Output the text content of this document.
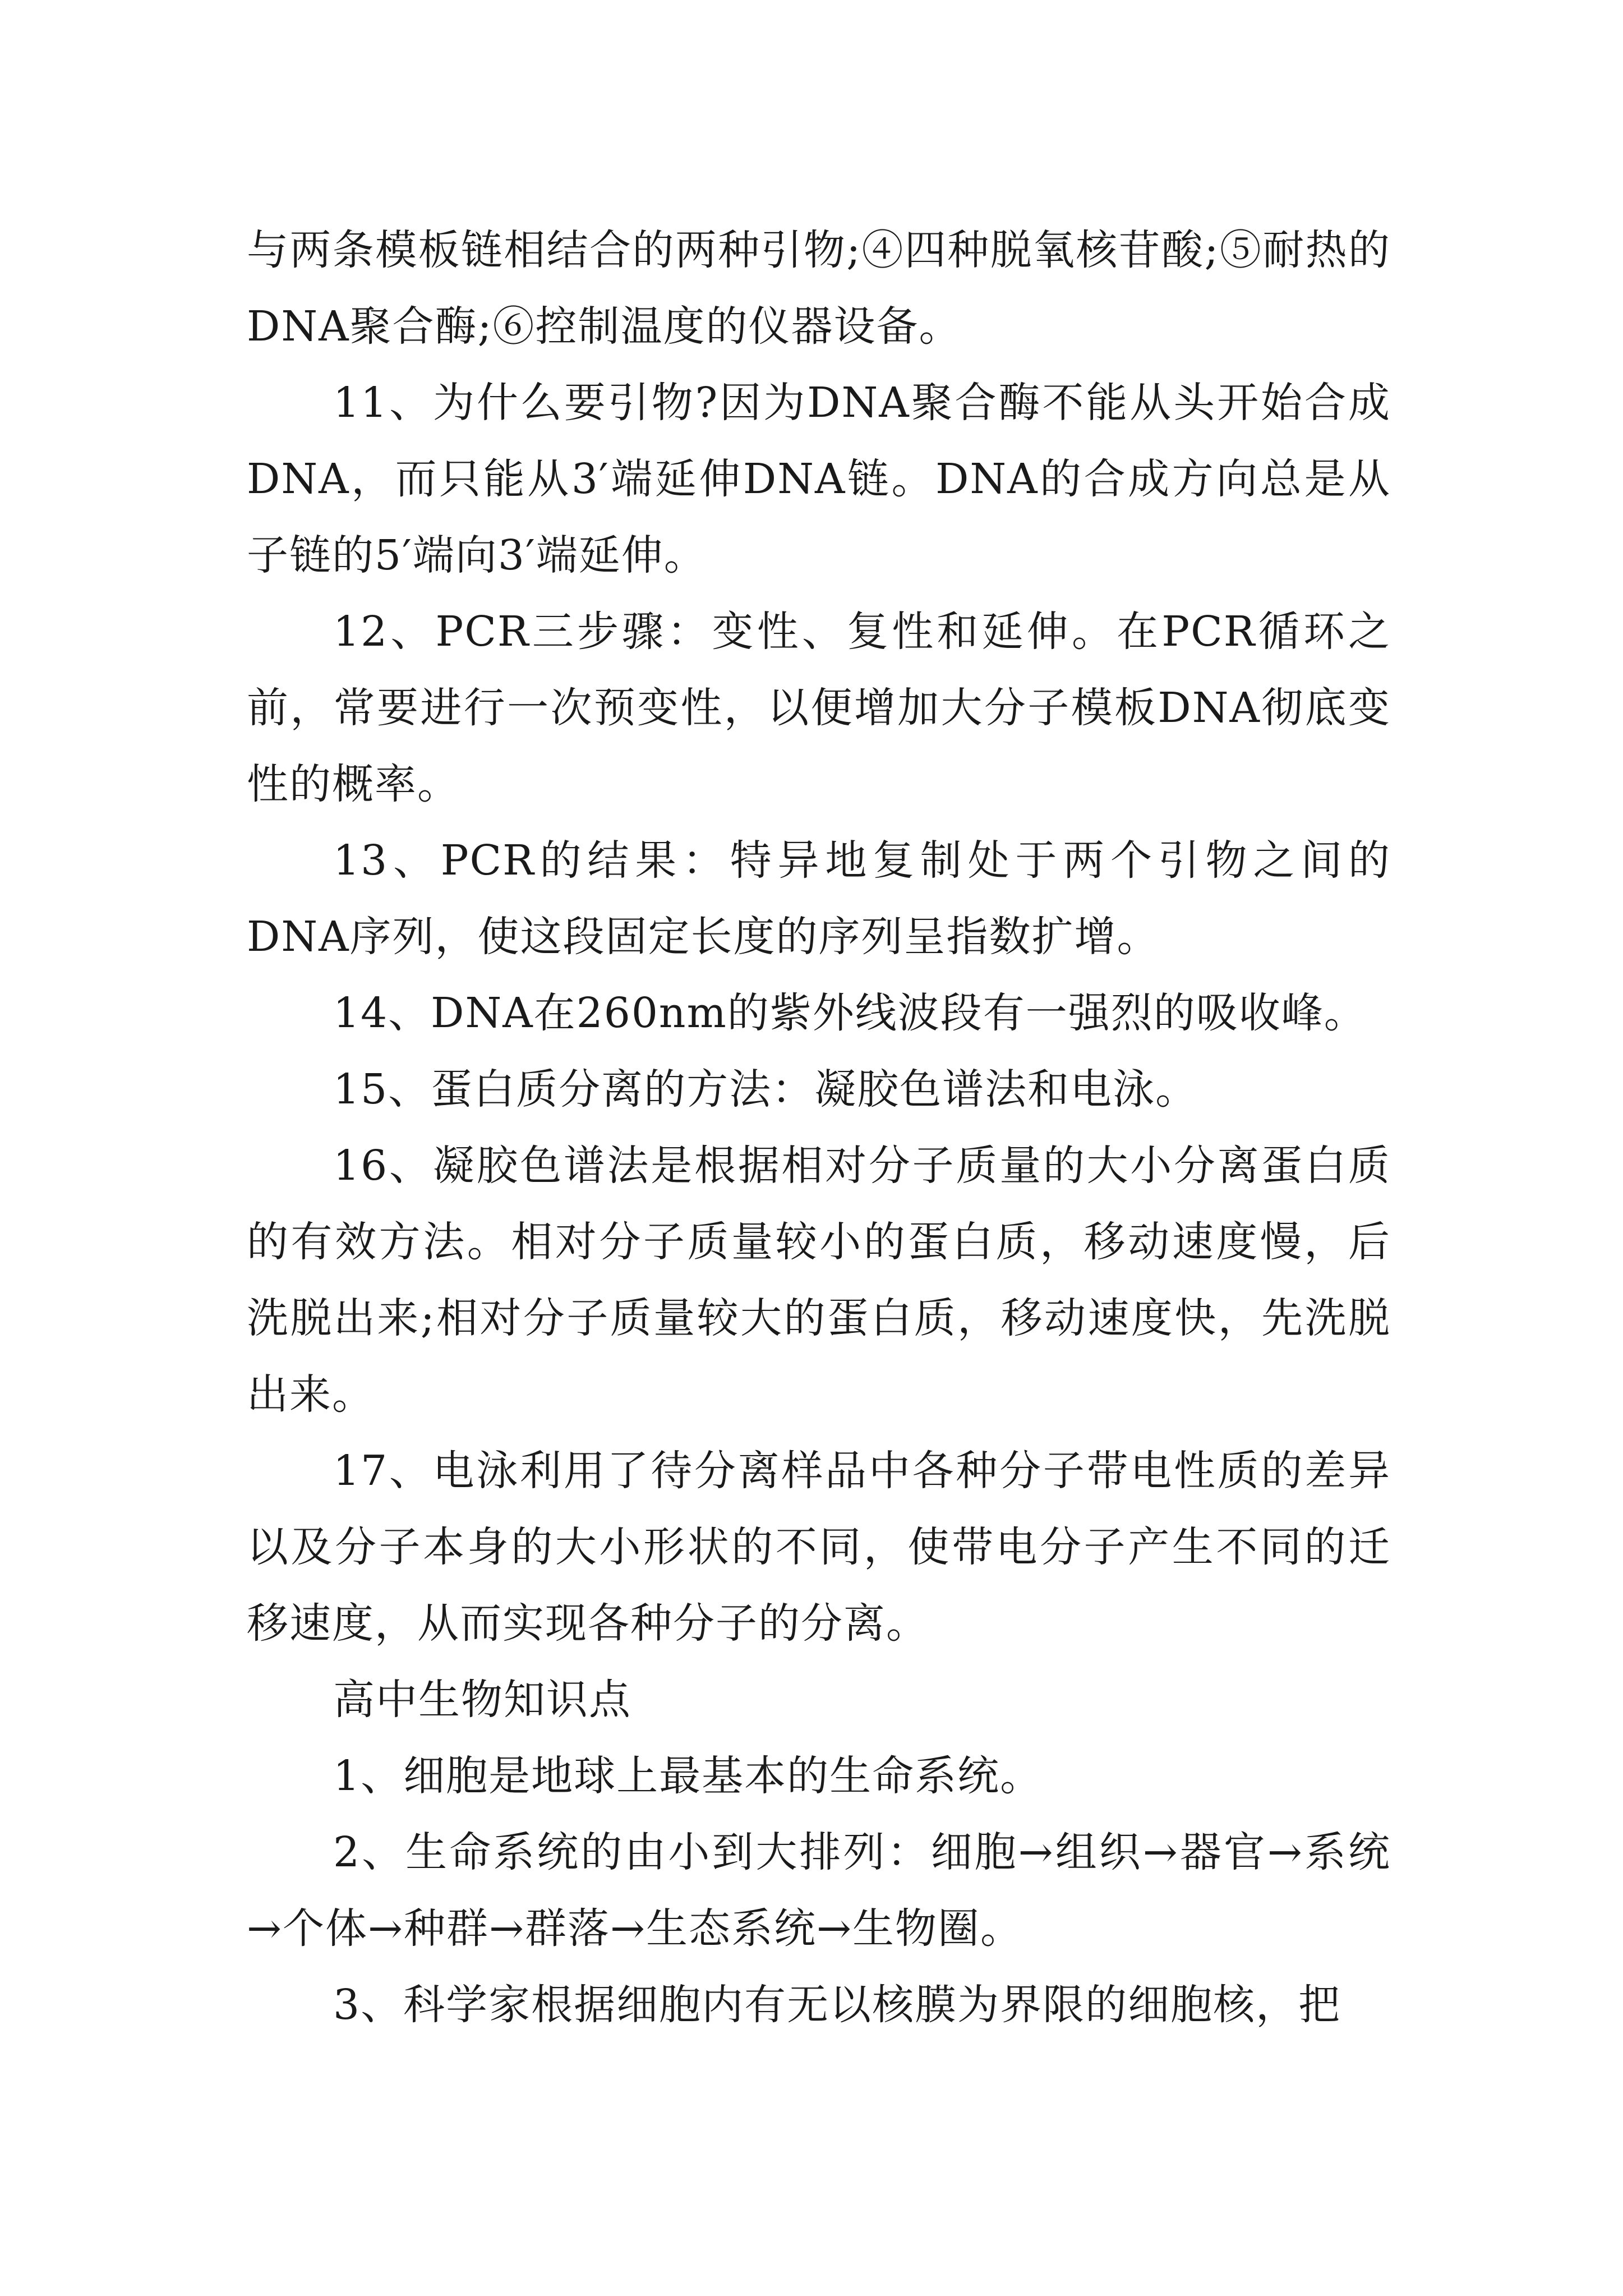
与两条模板链相结合的两种引物;④四种脱氧核苷酸;⑤耐热的DNA聚合酶;⑥控制温度的仪器设备。

11、为什么要引物?因为DNA聚合酶不能从头开始合成DNA，而只能从3′端延伸DNA链。DNA的合成方向总是从子链的5′端向3′端延伸。

12、PCR三步骤：变性、复性和延伸。在PCR循环之前，常要进行一次预变性，以便增加大分子模板DNA彻底变性的概率。

13、PCR的结果：特异地复制处于两个引物之间的DNA序列，使这段固定长度的序列呈指数扩增。

14、DNA在260nm的紫外线波段有一强烈的吸收峰。

15、蛋白质分离的方法：凝胶色谱法和电泳。

16、凝胶色谱法是根据相对分子质量的大小分离蛋白质的有效方法。相对分子质量较小的蛋白质，移动速度慢，后洗脱出来;相对分子质量较大的蛋白质，移动速度快，先洗脱出来。

17、电泳利用了待分离样品中各种分子带电性质的差异以及分子本身的大小形状的不同，使带电分子产生不同的迁移速度，从而实现各种分子的分离。

高中生物知识点

1、细胞是地球上最基本的生命系统。

2、生命系统的由小到大排列：细胞→组织→器官→系统→个体→种群→群落→生态系统→生物圈。

3、科学家根据细胞内有无以核膜为界限的细胞核，把
